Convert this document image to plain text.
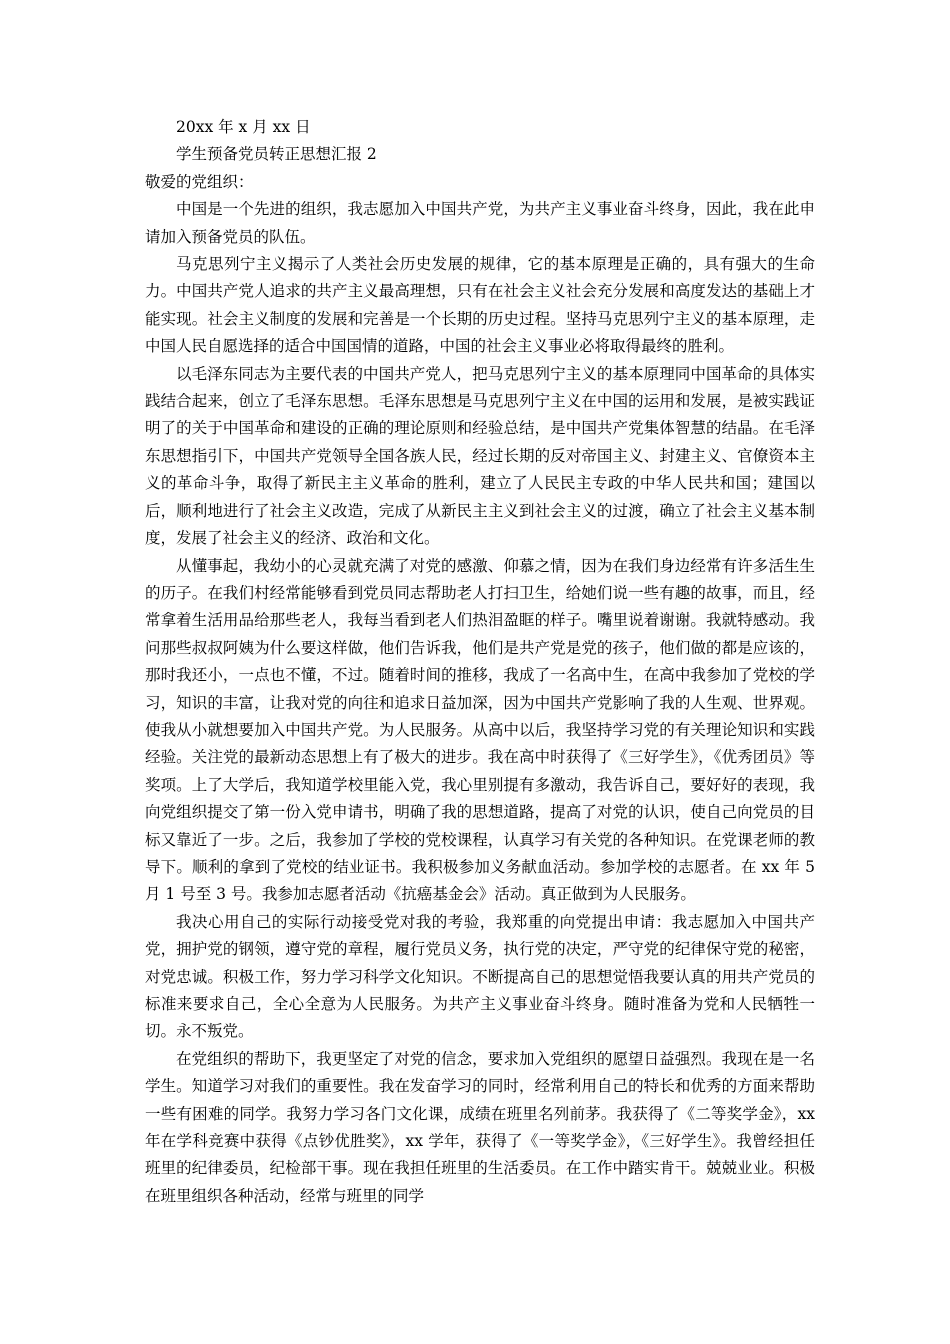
20xx 年 x 月 xx 日

学生预备党员转正思想汇报 2

敬爱的党组织：

中国是一个先进的组织，我志愿加入中国共产党，为共产主义事业奋斗终身，因此，我在此申请加入预备党员的队伍。

马克思列宁主义揭示了人类社会历史发展的规律，它的基本原理是正确的，具有强大的生命力。中国共产党人追求的共产主义最高理想，只有在社会主义社会充分发展和高度发达的基础上才能实现。社会主义制度的发展和完善是一个长期的历史过程。坚持马克思列宁主义的基本原理，走中国人民自愿选择的适合中国国情的道路，中国的社会主义事业必将取得最终的胜利。

以毛泽东同志为主要代表的中国共产党人，把马克思列宁主义的基本原理同中国革命的具体实践结合起来，创立了毛泽东思想。毛泽东思想是马克思列宁主义在中国的运用和发展，是被实践证明了的关于中国革命和建设的正确的理论原则和经验总结，是中国共产党集体智慧的结晶。在毛泽东思想指引下，中国共产党领导全国各族人民，经过长期的反对帝国主义、封建主义、官僚资本主义的革命斗争，取得了新民主主义革命的胜利，建立了人民民主专政的中华人民共和国；建国以后，顺利地进行了社会主义改造，完成了从新民主主义到社会主义的过渡，确立了社会主义基本制度，发展了社会主义的经济、政治和文化。

从懂事起，我幼小的心灵就充满了对党的感激、仰慕之情，因为在我们身边经常有许多活生生的历子。在我们村经常能够看到党员同志帮助老人打扫卫生，给她们说一些有趣的故事，而且，经常拿着生活用品给那些老人，我每当看到老人们热泪盈眶的样子。嘴里说着谢谢。我就特感动。我问那些叔叔阿姨为什么要这样做，他们告诉我，他们是共产党是党的孩子，他们做的都是应该的，那时我还小，一点也不懂，不过。随着时间的推移，我成了一名高中生，在高中我参加了党校的学习，知识的丰富，让我对党的向往和追求日益加深，因为中国共产党影响了我的人生观、世界观。使我从小就想要加入中国共产党。为人民服务。从高中以后，我坚持学习党的有关理论知识和实践经验。关注党的最新动态思想上有了极大的进步。我在高中时获得了《三好学生》，《优秀团员》等奖项。上了大学后，我知道学校里能入党，我心里别提有多激动，我告诉自己，要好好的表现，我向党组织提交了第一份入党申请书，明确了我的思想道路，提高了对党的认识，使自己向党员的目标又靠近了一步。之后，我参加了学校的党校课程，认真学习有关党的各种知识。在党课老师的教导下。顺利的拿到了党校的结业证书。我积极参加义务献血活动。参加学校的志愿者。在 xx 年 5 月 1 号至 3 号。我参加志愿者活动《抗癌基金会》活动。真正做到为人民服务。

我决心用自己的实际行动接受党对我的考验，我郑重的向党提出申请：我志愿加入中国共产党，拥护党的钢领，遵守党的章程，履行党员义务，执行党的决定，严守党的纪律保守党的秘密，对党忠诚。积极工作，努力学习科学文化知识。不断提高自己的思想觉悟我要认真的用共产党员的标准来要求自己，全心全意为人民服务。为共产主义事业奋斗终身。随时准备为党和人民牺牲一切。永不叛党。

在党组织的帮助下，我更坚定了对党的信念，要求加入党组织的愿望日益强烈。我现在是一名学生。知道学习对我们的重要性。我在发奋学习的同时，经常利用自己的特长和优秀的方面来帮助一些有困难的同学。我努力学习各门文化课，成绩在班里名列前茅。我获得了《二等奖学金》，xx 年在学科竞赛中获得《点钞优胜奖》，xx 学年，获得了《一等奖学金》，《三好学生》。我曾经担任班里的纪律委员，纪检部干事。现在我担任班里的生活委员。在工作中踏实肯干。兢兢业业。积极在班里组织各种活动，经常与班里的同学
